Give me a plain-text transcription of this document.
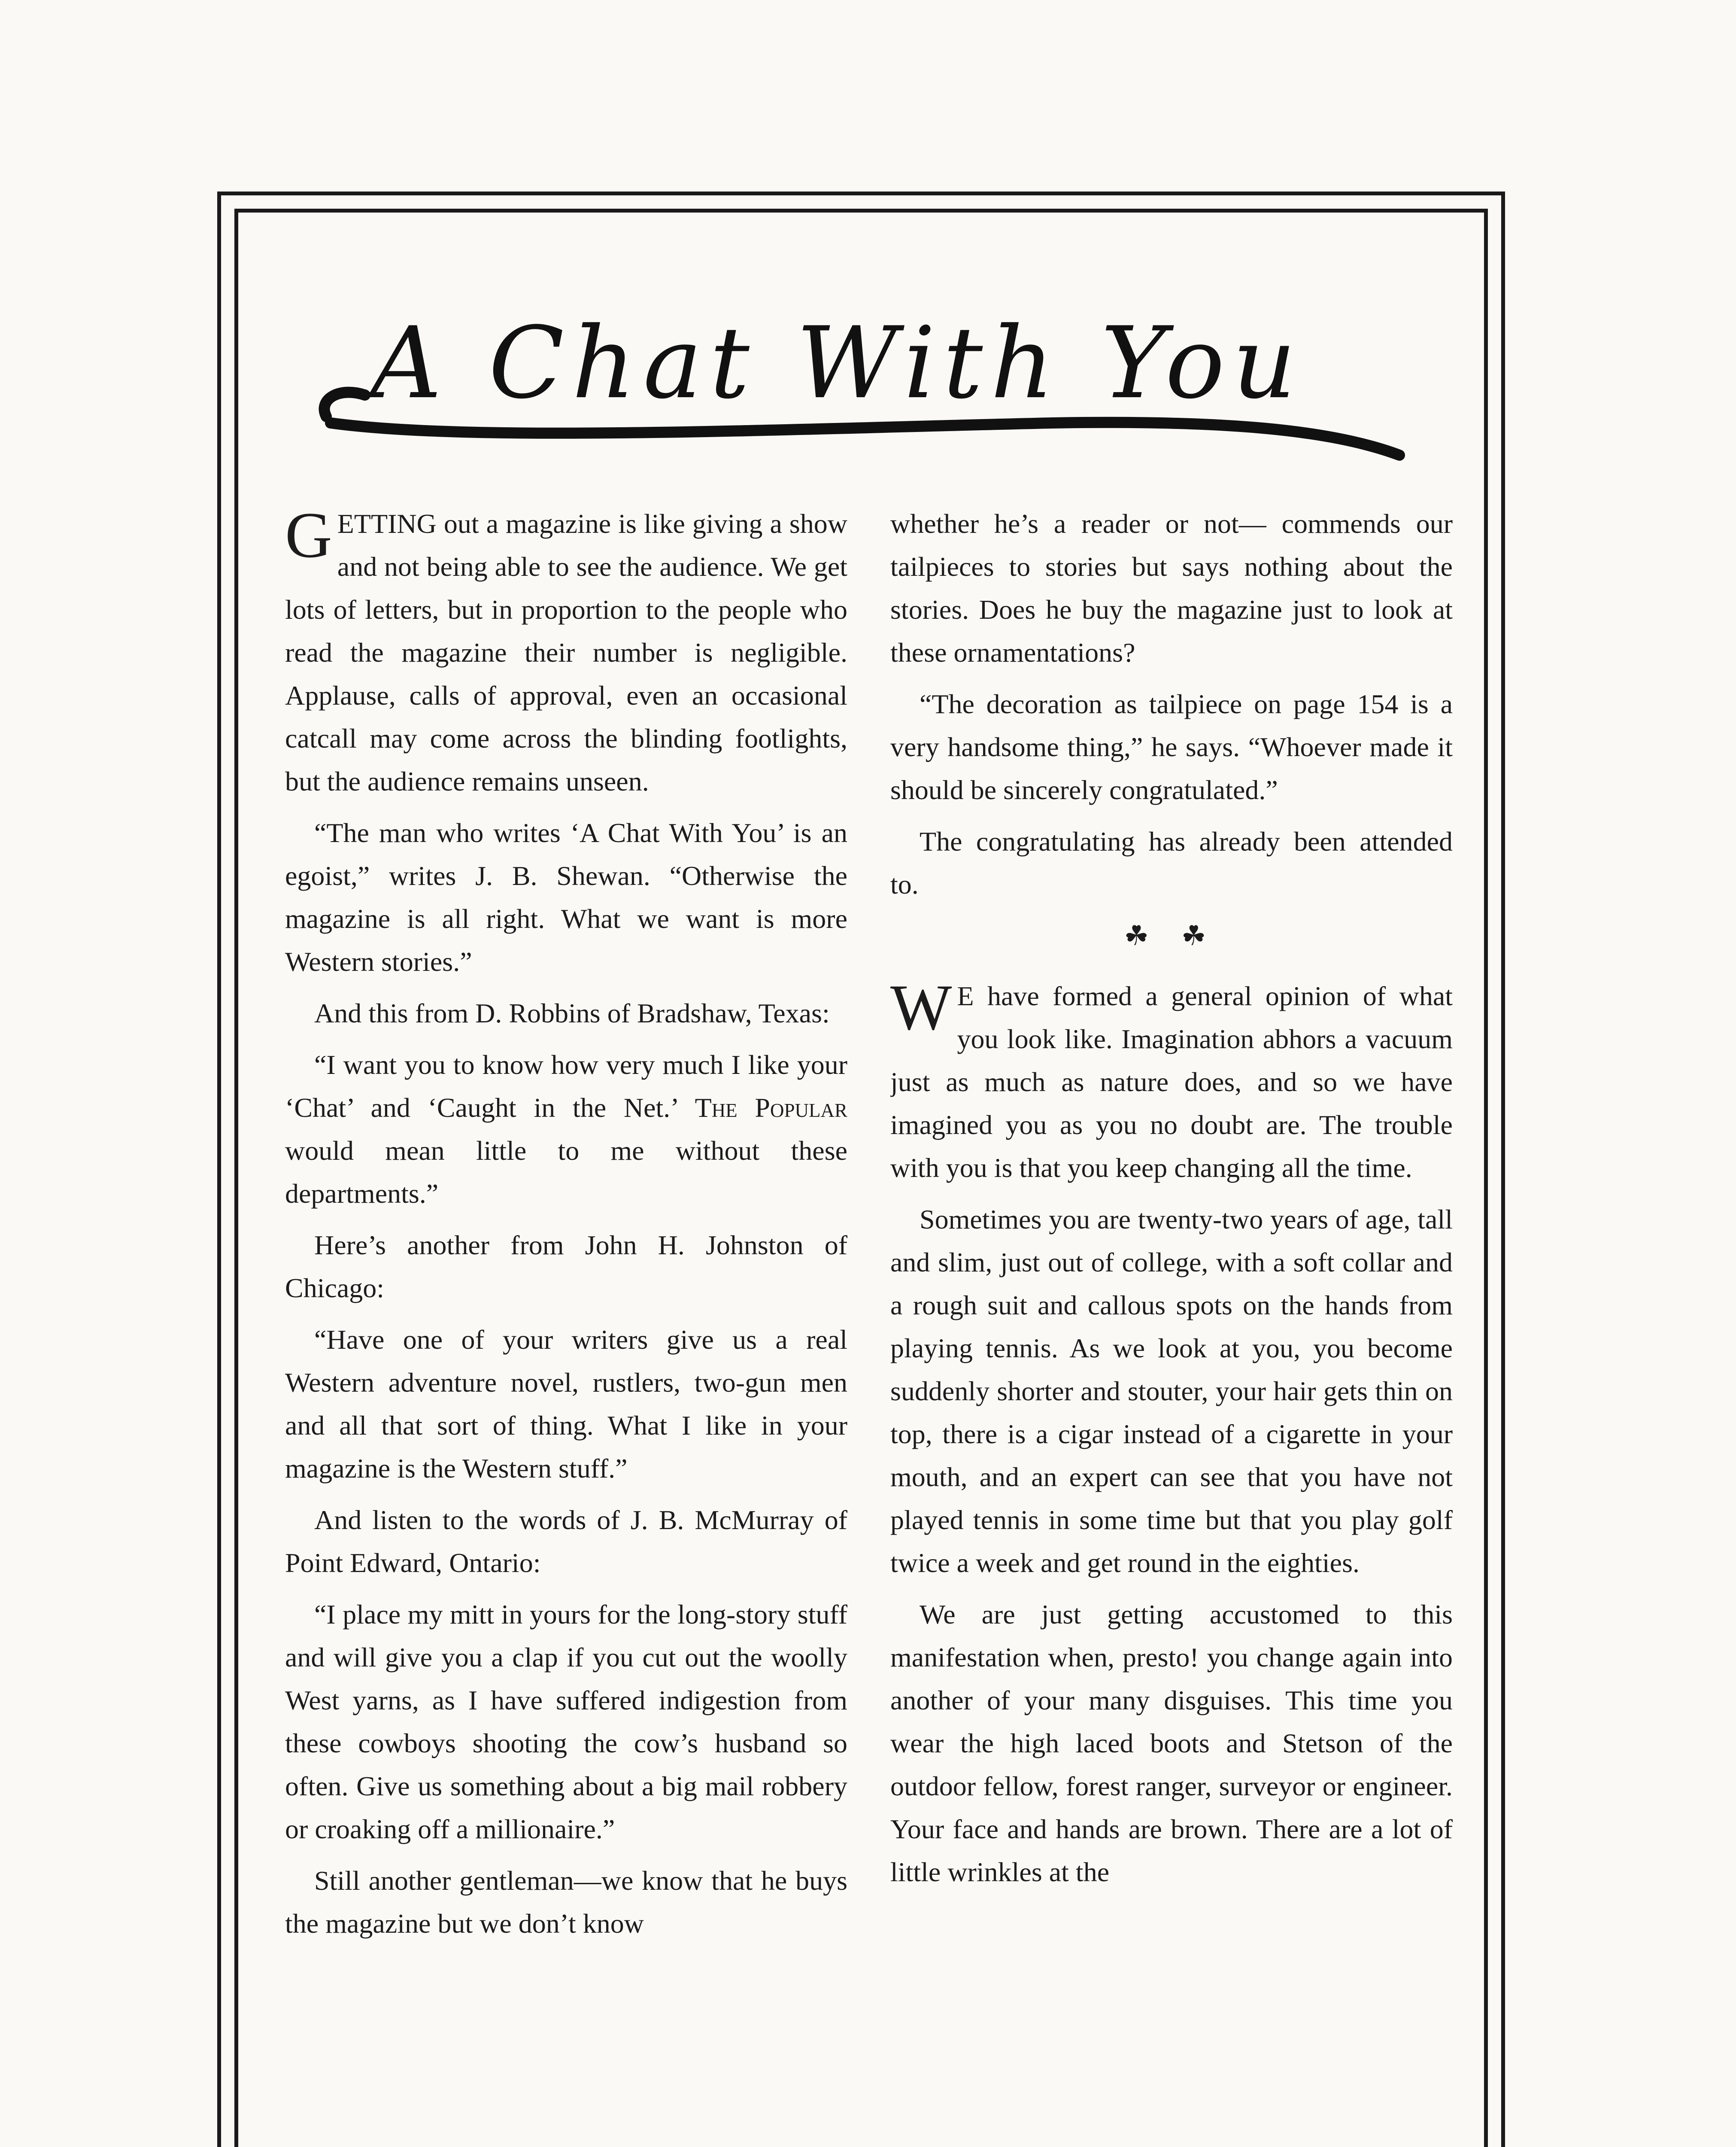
A Chat With You

GETTING out a magazine is like giving a show and not being able to see the audience. We get lots of letters, but in proportion to the people who read the magazine their number is negligible. Applause, calls of approval, even an occasional catcall may come across the blinding footlights, but the audience remains unseen.

“The man who writes ‘A Chat With You’ is an egoist,” writes J. B. Shewan. “Otherwise the magazine is all right. What we want is more Western stories.”

And this from D. Robbins of Bradshaw, Texas:

“I want you to know how very much I like your ‘Chat’ and ‘Caught in the Net.’ The Popular would mean little to me without these departments.”

Here’s another from John H. Johnston of Chicago:

“Have one of your writers give us a real Western adventure novel, rustlers, two-gun men and all that sort of thing. What I like in your magazine is the Western stuff.”

And listen to the words of J. B. McMurray of Point Edward, Ontario:

“I place my mitt in yours for the long-story stuff and will give you a clap if you cut out the woolly West yarns, as I have suffered indigestion from these cowboys shooting the cow’s husband so often. Give us something about a big mail robbery or croaking off a millionaire.”

Still another gentleman—we know that he buys the magazine but we don’t know

whether he’s a reader or not— commends our tailpieces to stories but says nothing about the stories. Does he buy the magazine just to look at these ornamentations?

“The decoration as tailpiece on page 154 is a very handsome thing,” he says. “Whoever made it should be sincerely congratulated.”

The congratulating has already been attended to.

☘ ☘

W E have formed a general opinion of what you look like. Imagination abhors a vacuum just as much as nature does, and so we have imagined you as you no doubt are. The trouble with you is that you keep changing all the time.

Sometimes you are twenty-two years of age, tall and slim, just out of college, with a soft collar and a rough suit and callous spots on the hands from playing tennis. As we look at you, you become suddenly shorter and stouter, your hair gets thin on top, there is a cigar instead of a cigarette in your mouth, and an expert can see that you have not played tennis in some time but that you play golf twice a week and get round in the eighties.

We are just getting accustomed to this manifestation when, presto! you change again into another of your many disguises. This time you wear the high laced boots and Stetson of the outdoor fellow, forest ranger, surveyor or engineer. Your face and hands are brown. There are a lot of little wrinkles at the
